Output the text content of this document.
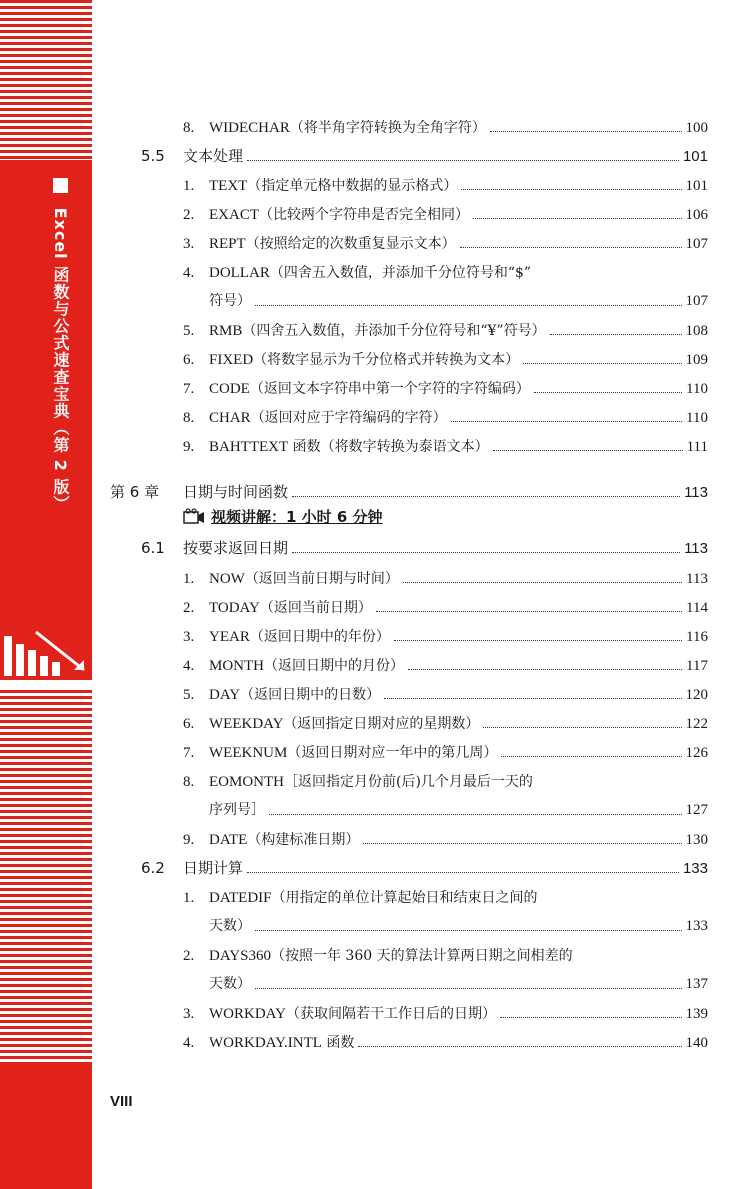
Excel 函数与公式速查宝典（第 2 版）
8. WIDECHAR（将半角字符转换为全角字符）	100
5.5	文本处理	101
1. TEXT（指定单元格中数据的显示格式）	101
2. EXACT（比较两个字符串是否完全相同）	106
3. REPT（按照给定的次数重复显示文本）	107
4. DOLLAR（四舍五入数值，并添加千分位符号和“$”
符号）	107
5. RMB（四舍五入数值，并添加千分位符号和“¥”符号）	108
6. FIXED（将数字显示为千分位格式并转换为文本）	109
7. CODE（返回文本字符串中第一个字符的字符编码）	110
8. CHAR（返回对应于字符编码的字符）	110
9. BAHTTEXT 函数（将数字转换为泰语文本）	111
第 6 章	日期与时间函数	113
6.1	按要求返回日期	113
1. NOW（返回当前日期与时间）	113
2. TODAY（返回当前日期）	114
3. YEAR（返回日期中的年份）	116
4. MONTH（返回日期中的月份）	117
5. DAY（返回日期中的日数）	120
6. WEEKDAY（返回指定日期对应的星期数）	122
7. WEEKNUM（返回日期对应一年中的第几周）	126
8. EOMONTH［返回指定月份前(后)几个月最后一天的
序列号］	127
9. DATE（构建标准日期）	130
6.2	日期计算	133
1. DATEDIF（用指定的单位计算起始日和结束日之间的
天数）	133
2. DAYS360（按照一年 360 天的算法计算两日期之间相差的
天数）	137
3. WORKDAY（获取间隔若干工作日后的日期）	139
4. WORKDAY.INTL 函数	140
视频讲解：1 小时 6 分钟
VIII
